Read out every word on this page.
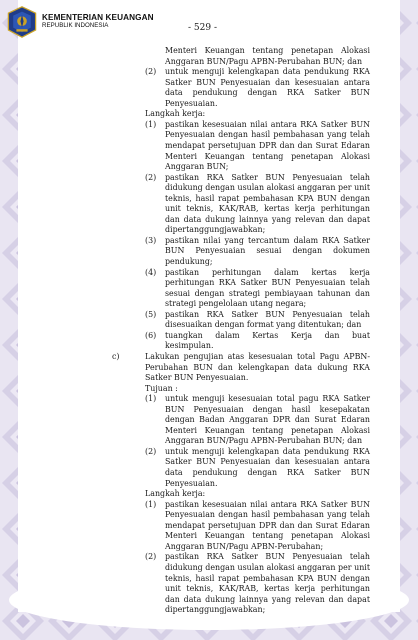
KEMENTERIAN KEUANGAN
REPUBLIK INDONESIA	- 529 -
Menteri Keuangan tentang penetapan Alokasi
Anggaran BUN/Pagu APBN-Perubahan BUN; dan
(2) untuk menguji kelengkapan data pendukung RKA
Satker BUN Penyesuaian dan kesesuaian antara
data pendukung dengan RKA Satker BUN
Penyesuaian.
Langkah kerja:
(1) pastikan kesesuaian nilai antara RKA Satker BUN
Penyesuaian dengan hasil pembahasan yang telah
mendapat persetujuan DPR dan dan Surat Edaran
Menteri Keuangan tentang penetapan Alokasi
Anggaran BUN;
(2) pastikan RKA Satker BUN Penyesuaian telah
didukung dengan usulan alokasi anggaran per unit
teknis, hasil rapat pembahasan KPA BUN dengan
unit teknis, KAK/RAB, kertas kerja perhitungan
dan data dukung lainnya yang relevan dan dapat
dipertanggungjawabkan;
(3) pastikan nilai yang tercantum dalam RKA Satker
BUN Penyesuaian sesuai dengan dokumen
pendukung;
(4) pastikan perhitungan dalam kertas kerja
perhitungan RKA Satker BUN Penyesuaian telah
sesuai dengan strategi pembiayaan tahunan dan
strategi pengelolaan utang negara;
(5) pastikan RKA Satker BUN Penyesuaian telah
disesuaikan dengan format yang ditentukan; dan
(6) tuangkan dalam Kertas Kerja dan buat
kesimpulan.
c)	Lakukan pengujian atas kesesuaian total Pagu APBN-
Perubahan BUN dan kelengkapan data dukung RKA
Satker BUN Penyesuaian.
Tujuan :
(1) untuk menguji kesesuaian total pagu RKA Satker
BUN Penyesuaian dengan hasil kesepakatan
dengan Badan Anggaran DPR dan Surat Edaran
Menteri Keuangan tentang penetapan Alokasi
Anggaran BUN/Pagu APBN-Perubahan BUN; dan
(2) untuk menguji kelengkapan data pendukung RKA
Satker BUN Penyesuaian dan kesesuaian antara
data pendukung dengan RKA Satker BUN
Penyesuaian.
Langkah kerja:
(1) pastikan kesesuaian nilai antara RKA Satker BUN
Penyesuaian dengan hasil pembahasan yang telah
mendapat persetujuan DPR dan dan Surat Edaran
Menteri Keuangan tentang penetapan Alokasi
Anggaran BUN/Pagu APBN-Perubahan;
(2) pastikan RKA Satker BUN Penyesuaian telah
didukung dengan usulan alokasi anggaran per unit
teknis, hasil rapat pembahasan KPA BUN dengan
unit teknis, KAK/RAB, kertas kerja perhitungan
dan data dukung lainnya yang relevan dan dapat
dipertanggungjawabkan;
